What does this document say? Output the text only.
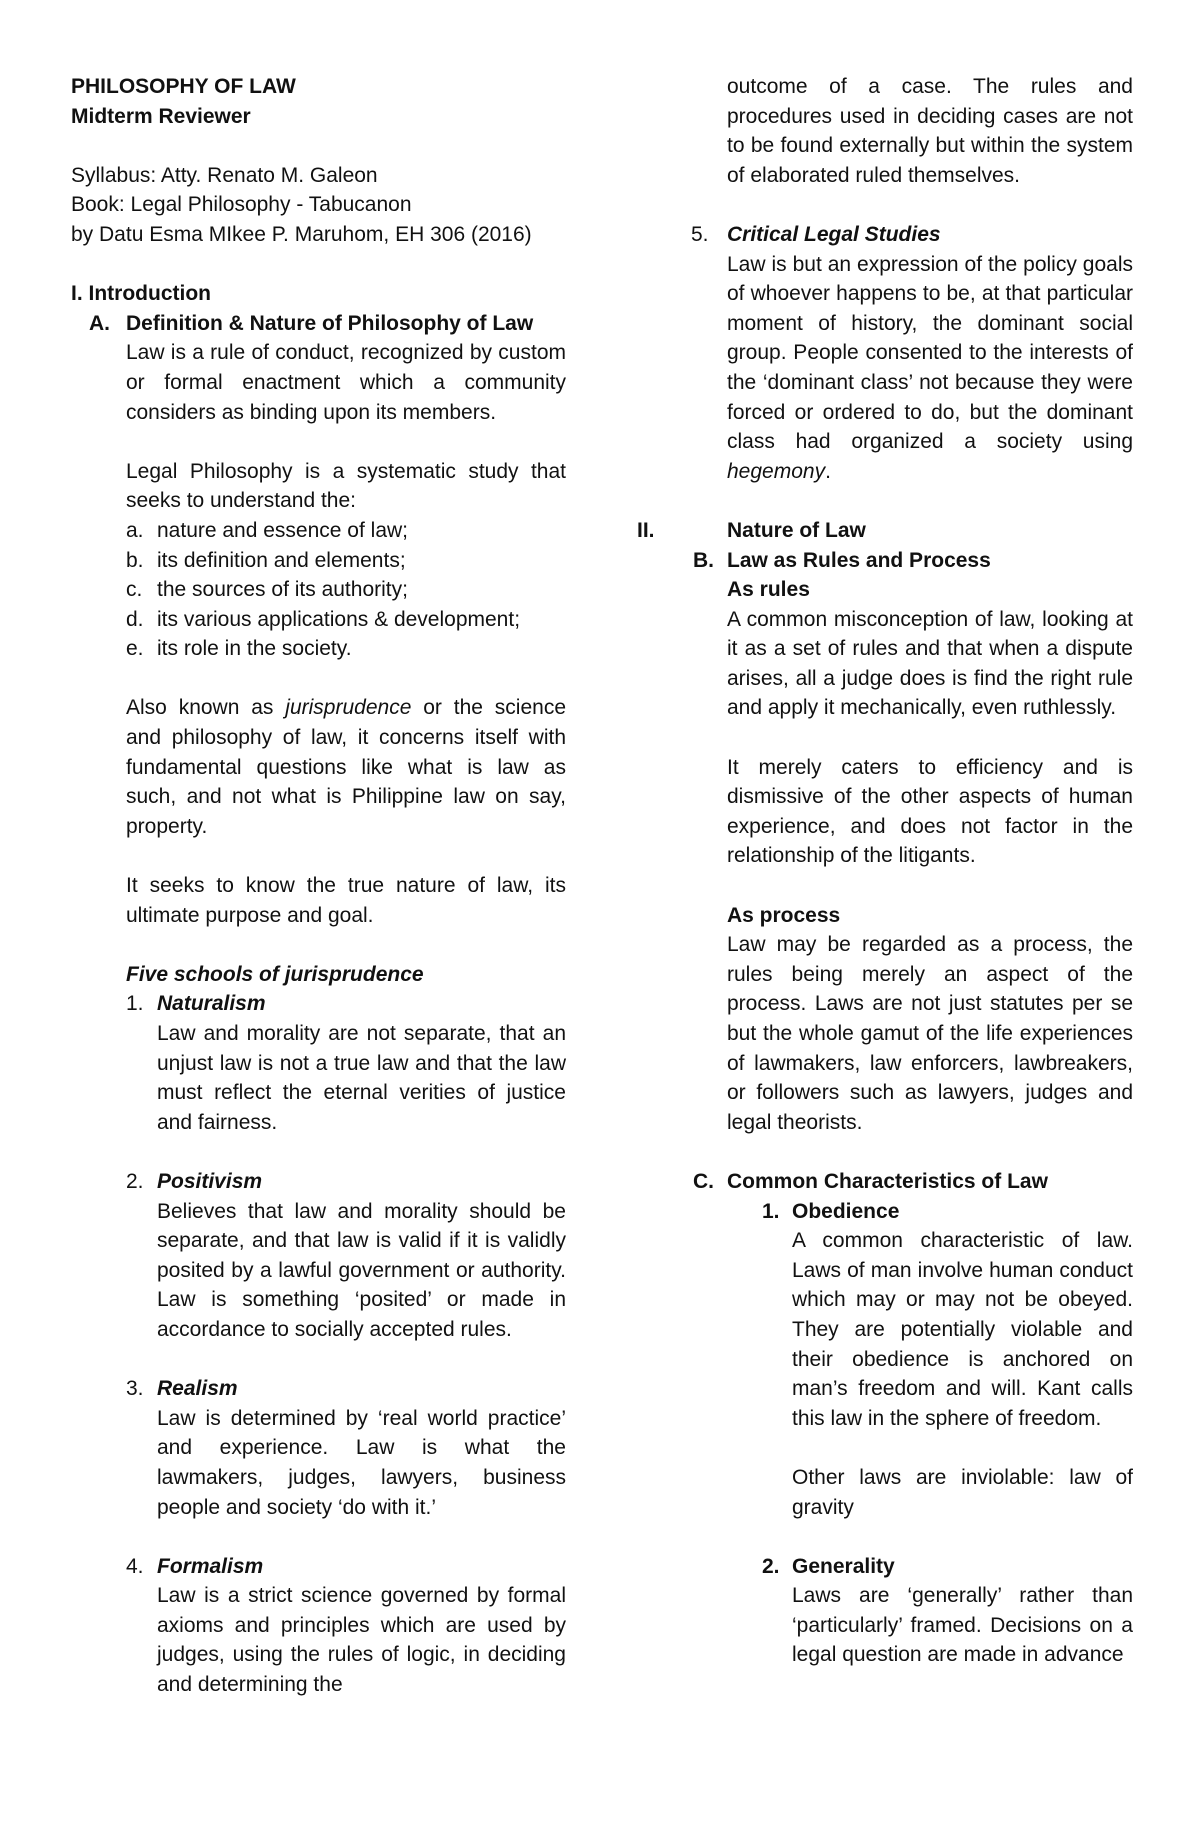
PHILOSOPHY OF LAW
Midterm Reviewer
Syllabus: Atty. Renato M. Galeon
Book: Legal Philosophy - Tabucanon
by Datu Esma MIkee P. Maruhom, EH 306 (2016)
I. Introduction
A. Definition & Nature of Philosophy of Law

Law is a rule of conduct, recognized by custom or formal enactment which a community considers as binding upon its members.

Legal Philosophy is a systematic study that seeks to understand the:

a. nature and essence of law;
b. its definition and elements;
c. the sources of its authority;
d. its various applications & development;
e. its role in the society.

Also known as jurisprudence or the science and philosophy of law, it concerns itself with fundamental questions like what is law as such, and not what is Philippine law on say, property.

It seeks to know the true nature of law, its ultimate purpose and goal.

Five schools of jurisprudence

1. Naturalism

Law and morality are not separate, that an unjust law is not a true law and that the law must reflect the eternal verities of justice and fairness.

2. Positivism

Believes that law and morality should be separate, and that law is valid if it is validly posited by a lawful government or authority. Law is something ‘posited’ or made in accordance to socially accepted rules.

3. Realism

Law is determined by ‘real world practice’ and experience. Law is what the lawmakers, judges, lawyers, business people and society ‘do with it.’

4. Formalism

Law is a strict science governed by formal axioms and principles which are used by judges, using the rules of logic, in deciding and determining the

outcome of a case. The rules and procedures used in deciding cases are not to be found externally but within the system of elaborated ruled themselves.

5. Critical Legal Studies

Law is but an expression of the policy goals of whoever happens to be, at that particular moment of history, the dominant social group. People consented to the interests of the ‘dominant class’ not because they were forced or ordered to do, but the dominant class had organized a society using hegemony.

II.	Nature of Law
B. Law as Rules and Process
As rules

A common misconception of law, looking at it as a set of rules and that when a dispute arises, all a judge does is find the right rule and apply it mechanically, even ruthlessly.

It merely caters to efficiency and is dismissive of the other aspects of human experience, and does not factor in the relationship of the litigants.

As process

Law may be regarded as a process, the rules being merely an aspect of the process. Laws are not just statutes per se but the whole gamut of the life experiences of lawmakers, law enforcers, lawbreakers, or followers such as lawyers, judges and legal theorists.

C. Common Characteristics of Law
1. Obedience

A common characteristic of law. Laws of man involve human conduct which may or may not be obeyed. They are potentially violable and their obedience is anchored on man’s freedom and will. Kant calls this law in the sphere of freedom.

Other laws are inviolable: law of gravity

2. Generality

Laws are ‘generally’ rather than ‘particularly’ framed. Decisions on a legal question are made in advance
